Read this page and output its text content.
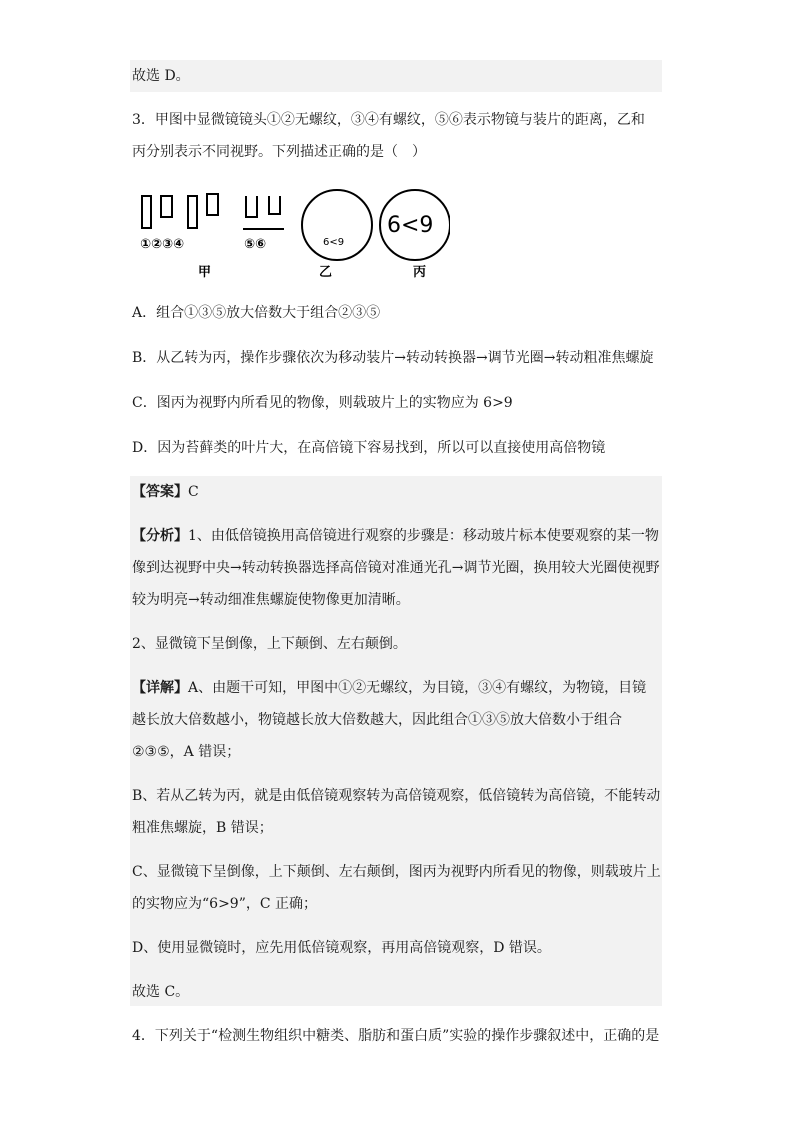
故选 D。
3．甲图中显微镜镜头①②无螺纹，③④有螺纹，⑤⑥表示物镜与装片的距离，乙和
丙分别表示不同视野。下列描述正确的是（　）
①②③④	⑤⑥
甲	乙	丙
6<9
6<9
A．组合①③⑤放大倍数大于组合②③⑤
B．从乙转为丙，操作步骤依次为移动装片→转动转换器→调节光圈→转动粗准焦螺旋
C．图丙为视野内所看见的物像，则载玻片上的实物应为 6>9
D．因为苔藓类的叶片大，在高倍镜下容易找到，所以可以直接使用高倍物镜
【答案】C
【分析】1、由低倍镜换用高倍镜进行观察的步骤是：移动玻片标本使要观察的某一物
像到达视野中央→转动转换器选择高倍镜对准通光孔→调节光圈，换用较大光圈使视野
较为明亮→转动细准焦螺旋使物像更加清晰。
2、显微镜下呈倒像，上下颠倒、左右颠倒。
【详解】A、由题干可知，甲图中①②无螺纹，为目镜，③④有螺纹，为物镜，目镜
越长放大倍数越小，物镜越长放大倍数越大，因此组合①③⑤放大倍数小于组合
②③⑤，A 错误；
B、若从乙转为丙，就是由低倍镜观察转为高倍镜观察，低倍镜转为高倍镜，不能转动
粗准焦螺旋，B 错误；
C、显微镜下呈倒像，上下颠倒、左右颠倒，图丙为视野内所看见的物像，则载玻片上
的实物应为“6>9”，C 正确；
D、使用显微镜时，应先用低倍镜观察，再用高倍镜观察，D 错误。
故选 C。
4．下列关于“检测生物组织中糖类、脂肪和蛋白质”实验的操作步骤叙述中，正确的是
